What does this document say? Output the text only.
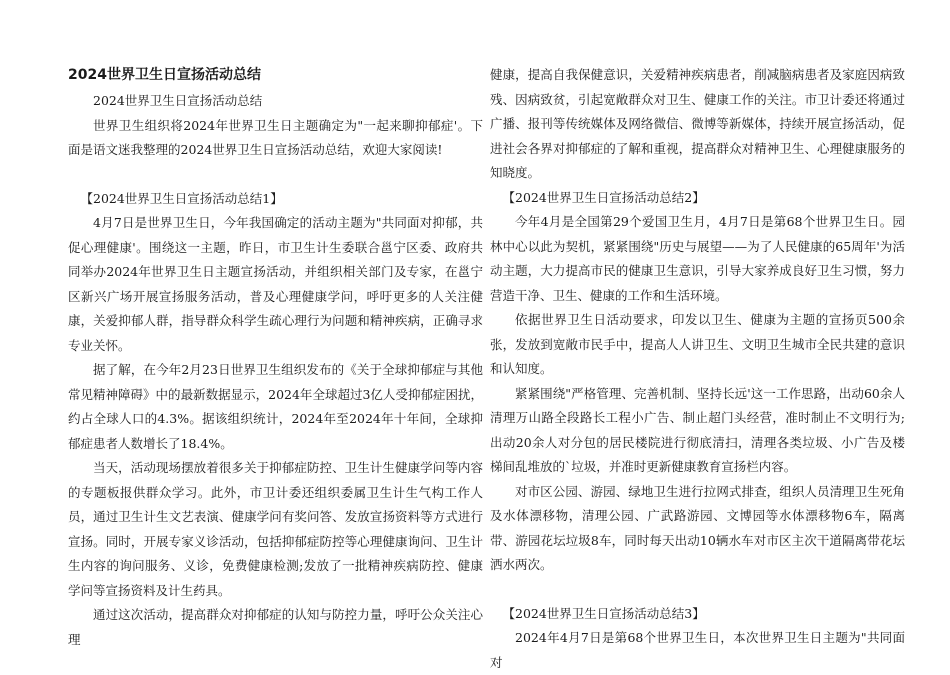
2024世界卫生日宣扬活动总结

2024世界卫生日宣扬活动总结

世界卫生组织将2024年世界卫生日主题确定为"一起来聊抑郁症'。下面是语文迷我整理的2024世界卫生日宣扬活动总结，欢迎大家阅读!

【2024世界卫生日宣扬活动总结1】

4月7日是世界卫生日，今年我国确定的活动主题为"共同面对抑郁，共促心理健康'。围绕这一主题，昨日，市卫生计生委联合邕宁区委、政府共同举办2024年世界卫生日主题宣扬活动，并组织相关部门及专家，在邕宁区新兴广场开展宣扬服务活动，普及心理健康学问，呼吁更多的人关注健康，关爱抑郁人群，指导群众科学生疏心理行为问题和精神疾病，正确寻求专业关怀。

据了解，在今年2月23日世界卫生组织发布的《关于全球抑郁症与其他常见精神障碍》中的最新数据显示，2024年全球超过3亿人受抑郁症困扰，约占全球人口的4.3%。据该组织统计，2024年至2024年十年间，全球抑郁症患者人数增长了18.4%。

当天，活动现场摆放着很多关于抑郁症防控、卫生计生健康学问等内容的专题板报供群众学习。此外，市卫计委还组织委属卫生计生气构工作人员，通过卫生计生文艺表演、健康学问有奖问答、发放宣扬资料等方式进行宣扬。同时，开展专家义诊活动，包括抑郁症防控等心理健康询问、卫生计生内容的询问服务、义诊，免费健康检测;发放了一批精神疾病防控、健康学问等宣扬资料及计生药具。

通过这次活动，提高群众对抑郁症的认知与防控力量，呼吁公众关注心理

健康，提高自我保健意识，关爱精神疾病患者，削减脑病患者及家庭因病致残、因病致贫，引起宽敞群众对卫生、健康工作的关注。市卫计委还将通过广播、报刊等传统媒体及网络微信、微博等新媒体，持续开展宣扬活动，促进社会各界对抑郁症的了解和重视，提高群众对精神卫生、心理健康服务的知晓度。

【2024世界卫生日宣扬活动总结2】

今年4月是全国第29个爱国卫生月，4月7日是第68个世界卫生日。园林中心以此为契机，紧紧围绕"历史与展望——为了人民健康的65周年'为活动主题，大力提高市民的健康卫生意识，引导大家养成良好卫生习惯，努力营造干净、卫生、健康的工作和生活环境。

依据世界卫生日活动要求，印发以卫生、健康为主题的宣扬页500余张，发放到宽敞市民手中，提高人人讲卫生、文明卫生城市全民共建的意识和认知度。

紧紧围绕"严格管理、完善机制、坚持长远'这一工作思路，出动60余人清理万山路全段路长工程小广告、制止超门头经营，准时制止不文明行为;出动20余人对分包的居民楼院进行彻底清扫，清理各类垃圾、小广告及楼梯间乱堆放的`垃圾，并准时更新健康教育宣扬栏内容。

对市区公园、游园、绿地卫生进行拉网式排查，组织人员清理卫生死角及水体漂移物，清理公园、广武路游园、文博园等水体漂移物6车，隔离带、游园花坛垃圾8车，同时每天出动10辆水车对市区主次干道隔离带花坛洒水两次。

【2024世界卫生日宣扬活动总结3】

2024年4月7日是第68个世界卫生日，本次世界卫生日主题为"共同面对
